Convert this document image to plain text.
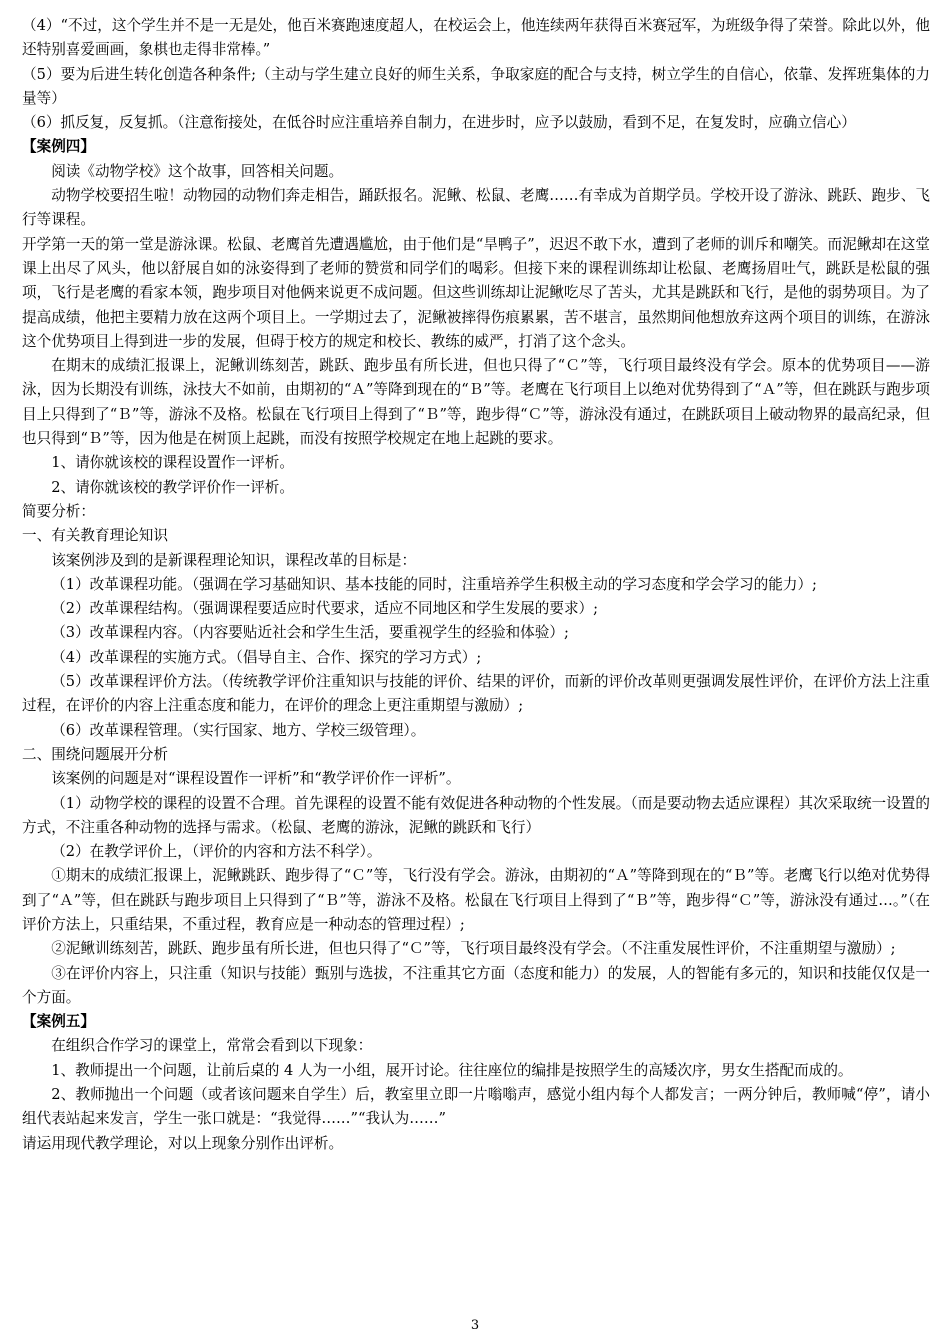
（4）“不过，这个学生并不是一无是处，他百米赛跑速度超人，在校运会上，他连续两年获得百米赛冠军，为班级争得了荣誉。除此以外，他还特别喜爱画画，象棋也走得非常棒。”

（5）要为后进生转化创造各种条件;（主动与学生建立良好的师生关系，争取家庭的配合与支持，树立学生的自信心，依靠、发挥班集体的力量等）

（6）抓反复，反复抓。（注意衔接处，在低谷时应注重培养自制力，在进步时，应予以鼓励，看到不足，在复发时，应确立信心）

【案例四】

阅读《动物学校》这个故事，回答相关问题。

动物学校要招生啦！动物园的动物们奔走相告，踊跃报名。泥鳅、松鼠、老鹰‥‥‥有幸成为首期学员。学校开设了游泳、跳跃、跑步、飞行等课程。

开学第一天的第一堂是游泳课。松鼠、老鹰首先遭遇尴尬，由于他们是“旱鸭子”，迟迟不敢下水，遭到了老师的训斥和嘲笑。而泥鳅却在这堂课上出尽了风头，他以舒展自如的泳姿得到了老师的赞赏和同学们的喝彩。但接下来的课程训练却让松鼠、老鹰扬眉吐气，跳跃是松鼠的强项，飞行是老鹰的看家本领，跑步项目对他俩来说更不成问题。但这些训练却让泥鳅吃尽了苦头，尤其是跳跃和飞行，是他的弱势项目。为了提高成绩，他把主要精力放在这两个项目上。一学期过去了，泥鳅被摔得伤痕累累，苦不堪言，虽然期间他想放弃这两个项目的训练，在游泳这个优势项目上得到进一步的发展，但碍于校方的规定和校长、教练的威严，打消了这个念头。

在期末的成绩汇报课上，泥鳅训练刻苦，跳跃、跑步虽有所长进，但也只得了“Ｃ”等，飞行项目最终没有学会。原本的优势项目——游泳，因为长期没有训练，泳技大不如前，由期初的“Ａ”等降到现在的“Ｂ”等。老鹰在飞行项目上以绝对优势得到了“Ａ”等，但在跳跃与跑步项目上只得到了“Ｂ”等，游泳不及格。松鼠在飞行项目上得到了“Ｂ”等，跑步得“Ｃ”等，游泳没有通过，在跳跃项目上破动物界的最高纪录，但也只得到“Ｂ”等，因为他是在树顶上起跳，而没有按照学校规定在地上起跳的要求。

1、请你就该校的课程设置作一评析。

2、请你就该校的教学评价作一评析。

简要分析：

一、有关教育理论知识

该案例涉及到的是新课程理论知识，课程改革的目标是：

（1）改革课程功能。（强调在学习基础知识、基本技能的同时，注重培养学生积极主动的学习态度和学会学习的能力）;

（2）改革课程结构。（强调课程要适应时代要求，适应不同地区和学生发展的要求）;

（3）改革课程内容。（内容要贴近社会和学生生活，要重视学生的经验和体验）;

（4）改革课程的实施方式。（倡导自主、合作、探究的学习方式）;

（5）改革课程评价方法。（传统教学评价注重知识与技能的评价、结果的评价，而新的评价改革则更强调发展性评价，在评价方法上注重过程，在评价的内容上注重态度和能力，在评价的理念上更注重期望与激励）;

（6）改革课程管理。（实行国家、地方、学校三级管理）。

二、围绕问题展开分析

该案例的问题是对“课程设置作一评析”和“教学评价作一评析”。

（1）动物学校的课程的设置不合理。首先课程的设置不能有效促进各种动物的个性发展。（而是要动物去适应课程）其次采取统一设置的方式，不注重各种动物的选择与需求。（松鼠、老鹰的游泳，泥鳅的跳跃和飞行）

（2）在教学评价上，（评价的内容和方法不科学）。

①期末的成绩汇报课上，泥鳅跳跃、跑步得了“Ｃ”等，飞行没有学会。游泳，由期初的“Ａ”等降到现在的“Ｂ”等。老鹰飞行以绝对优势得到了“Ａ”等，但在跳跃与跑步项目上只得到了“Ｂ”等，游泳不及格。松鼠在飞行项目上得到了“Ｂ”等，跑步得“Ｃ”等，游泳没有通过…。”（在评价方法上，只重结果，不重过程，教育应是一种动态的管理过程）;

②泥鳅训练刻苦，跳跃、跑步虽有所长进，但也只得了“Ｃ”等，飞行项目最终没有学会。（不注重发展性评价，不注重期望与激励）;

③在评价内容上，只注重（知识与技能）甄别与选拔，不注重其它方面（态度和能力）的发展，人的智能有多元的，知识和技能仅仅是一个方面。

【案例五】

在组织合作学习的课堂上，常常会看到以下现象：

1、教师提出一个问题，让前后桌的 4 人为一小组，展开讨论。往往座位的编排是按照学生的高矮次序，男女生搭配而成的。

2、教师抛出一个问题（或者该问题来自学生）后，教室里立即一片嗡嗡声，感觉小组内每个人都发言；一两分钟后，教师喊“停”，请小组代表站起来发言，学生一张口就是：“我觉得‥‥‥”“我认为‥‥‥”

请运用现代教学理论，对以上现象分别作出评析。

3
